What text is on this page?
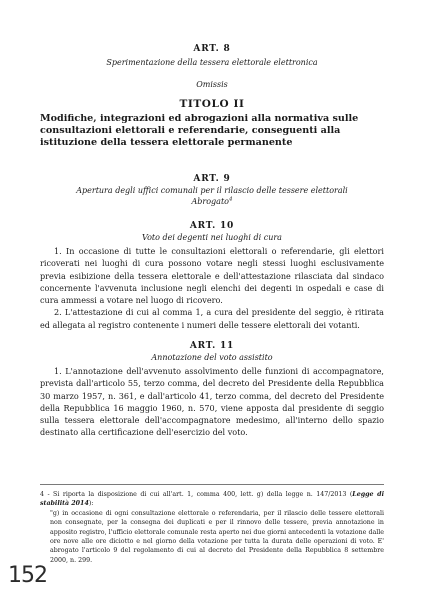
ART. 8
Sperimentazione della tessera elettorale elettronica
Omissis
TITOLO II
Modifiche, integrazioni ed abrogazioni alla normativa sulle consultazioni elettorali e referendarie, conseguenti alla istituzione della tessera elettorale permanente
ART. 9
Apertura degli uffici comunali per il rilascio delle tessere elettorali
Abrogato$^4$
ART. 10
Voto dei degenti nei luoghi di cura

1. In occasione di tutte le consultazioni elettorali o referendarie, gli elettori ricoverati nei luoghi di cura possono votare negli stessi luoghi esclusivamente previa esibizione della tessera elettorale e dell'attestazione rilasciata dal sindaco concernente l'avvenuta inclusione negli elenchi dei degenti in ospedali e case di cura ammessi a votare nel luogo di ricovero.

2. L'attestazione di cui al comma 1, a cura del presidente del seggio, è ritirata ed allegata al registro contenente i numeri delle tessere elettorali dei votanti.

ART. 11
Annotazione del voto assistito

1. L'annotazione dell'avvenuto assolvimento delle funzioni di accompagnatore, prevista dall'articolo 55, terzo comma, del decreto del Presidente della Repubblica 30 marzo 1957, n. 361, e dall'articolo 41, terzo comma, del decreto del Presidente della Repubblica 16 maggio 1960, n. 570, viene apposta dal presidente di seggio sulla tessera elettorale dell'accompagnatore medesimo, all'interno dello spazio destinato alla certificazione dell'esercizio del voto.

4 - Si riporta la disposizione di cui all'art. 1, comma 400, lett. g) della legge n. 147/2013 (Legge di stabilità 2014):

"g) in occasione di ogni consultazione elettorale o referendaria, per il rilascio delle tessere elettorali non consegnate, per la consegna dei duplicati e per il rinnovo delle tessere, previa annotazione in apposito registro, l'ufficio elettorale comunale resta aperto nei due giorni antecedenti la votazione dalle ore nove alle ore diciotto e nel giorno della votazione per tutta la durata delle operazioni di voto. E' abrogato l'articolo 9 del regolamento di cui al decreto del Presidente della Repubblica 8 settembre 2000, n. 299.

152
